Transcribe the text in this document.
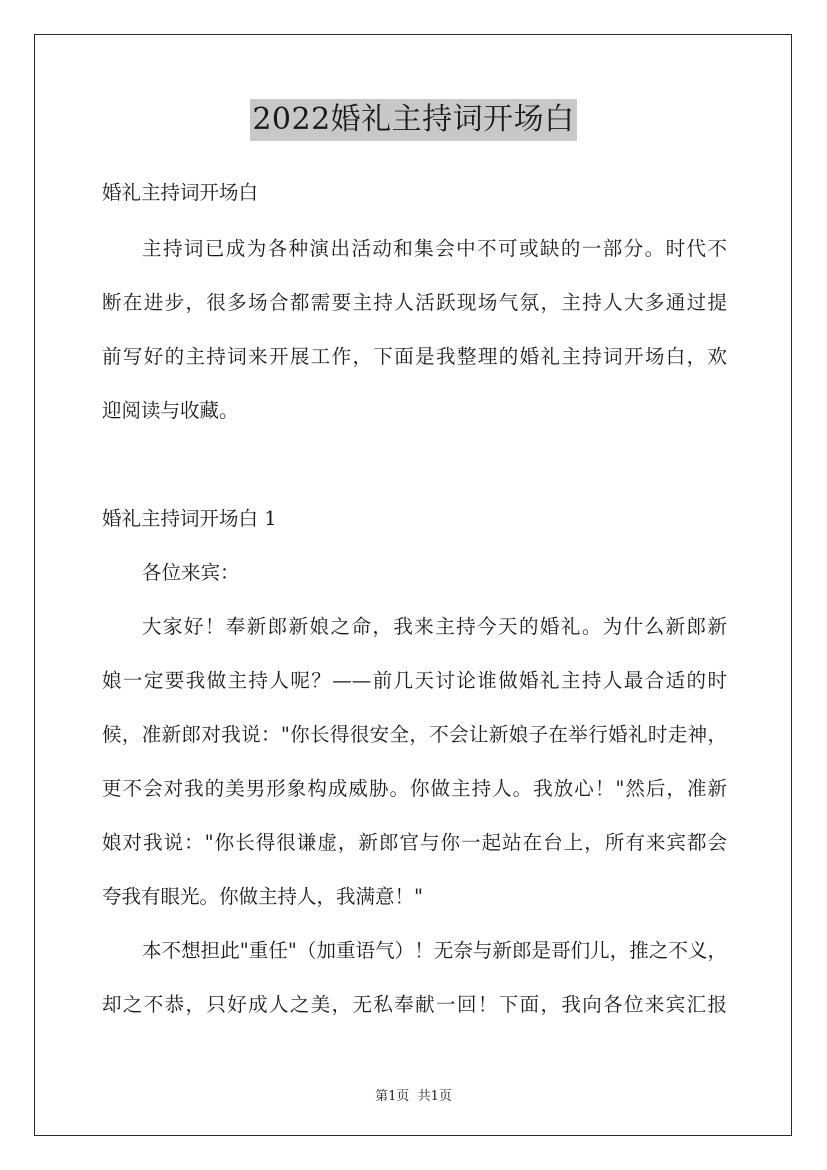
2022婚礼主持词开场白
婚礼主持词开场白
主持词已成为各种演出活动和集会中不可或缺的一部分。时代不
断在进步，很多场合都需要主持人活跃现场气氛，主持人大多通过提
前写好的主持词来开展工作，下面是我整理的婚礼主持词开场白，欢
迎阅读与收藏。
婚礼主持词开场白 1
各位来宾：
大家好！奉新郎新娘之命，我来主持今天的婚礼。为什么新郎新
娘一定要我做主持人呢？——前几天讨论谁做婚礼主持人最合适的时
候，准新郎对我说："你长得很安全，不会让新娘子在举行婚礼时走神，
更不会对我的美男形象构成威胁。你做主持人。我放心！"然后，准新
娘对我说："你长得很谦虚，新郎官与你一起站在台上，所有来宾都会
夸我有眼光。你做主持人，我满意！"
本不想担此"重任"（加重语气）！无奈与新郎是哥们儿，推之不义，
却之不恭，只好成人之美，无私奉献一回！下面，我向各位来宾汇报
第1页 共1页
